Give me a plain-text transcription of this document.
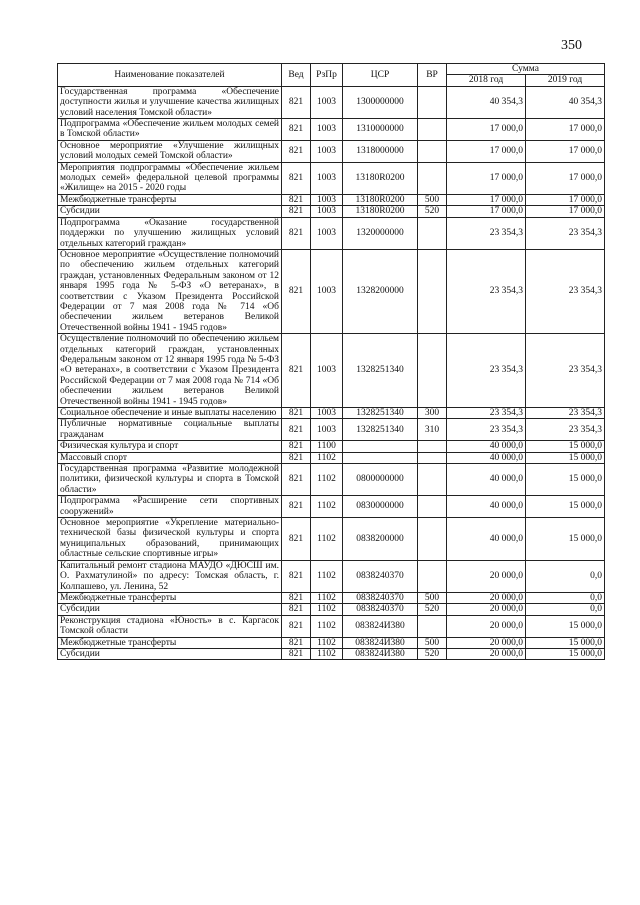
350
Наименование показателей	Вед	РзПр	ЦСР	ВР	Сумма	
					2018 год	2019 год
Государственная программа «Обеспечение доступности жилья и улучшение качества жилищных условий населения Томской области»	821	1003	1300000000		40 354,3	40 354,3
Подпрограмма «Обеспечение жильем молодых семей в Томской области»	821	1003	1310000000		17 000,0	17 000,0
Основное мероприятие «Улучшение жилищных условий молодых семей Томской области»	821	1003	1318000000		17 000,0	17 000,0
Мероприятия подпрограммы «Обеспечение жильем молодых семей» федеральной целевой программы «Жилище» на 2015 - 2020 годы	821	1003	13180R0200		17 000,0	17 000,0
Межбюджетные трансферты	821	1003	13180R0200	500	17 000,0	17 000,0
Субсидии	821	1003	13180R0200	520	17 000,0	17 000,0
Подпрограмма «Оказание государственной поддержки по улучшению жилищных условий отдельных категорий граждан»	821	1003	1320000000		23 354,3	23 354,3
Основное мероприятие «Осуществление полномочий по обеспечению жильем отдельных категорий граждан, установленных Федеральным законом от 12 января 1995 года № 5-ФЗ «О ветеранах», в соответствии с Указом Президента Российской Федерации от 7 мая 2008 года № 714 «Об обеспечении жильем ветеранов Великой Отечественной войны 1941 - 1945 годов»	821	1003	1328200000		23 354,3	23 354,3
Осуществление полномочий по обеспечению жильем отдельных категорий граждан, установленных Федеральным законом от 12 января 1995 года № 5-ФЗ «О ветеранах», в соответствии с Указом Президента Российской Федерации от 7 мая 2008 года № 714 «Об обеспечении жильем ветеранов Великой Отечественной войны 1941 - 1945 годов»	821	1003	1328251340		23 354,3	23 354,3
Социальное обеспечение и иные выплаты населению	821	1003	1328251340	300	23 354,3	23 354,3
Публичные нормативные социальные выплаты гражданам	821	1003	1328251340	310	23 354,3	23 354,3
Физическая культура и спорт	821	1100			40 000,0	15 000,0
Массовый спорт	821	1102			40 000,0	15 000,0
Государственная программа «Развитие молодежной политики, физической культуры и спорта в Томской области»	821	1102	0800000000		40 000,0	15 000,0
Подпрограмма «Расширение сети спортивных сооружений»	821	1102	0830000000		40 000,0	15 000,0
Основное мероприятие «Укрепление материально-технической базы физической культуры и спорта муниципальных образований, принимающих областные сельские спортивные игры»	821	1102	0838200000		40 000,0	15 000,0
Капитальный ремонт стадиона МАУДО «ДЮСШ им. О. Рахматулиной» по адресу: Томская область, г. Колпашево, ул. Ленина, 52	821	1102	0838240370		20 000,0	0,0
Межбюджетные трансферты	821	1102	0838240370	500	20 000,0	0,0
Субсидии	821	1102	0838240370	520	20 000,0	0,0
Реконструкция стадиона «Юность» в с. Каргасок Томской области	821	1102	083824И380		20 000,0	15 000,0
Межбюджетные трансферты	821	1102	083824И380	500	20 000,0	15 000,0
Субсидии	821	1102	083824И380	520	20 000,0	15 000,0
